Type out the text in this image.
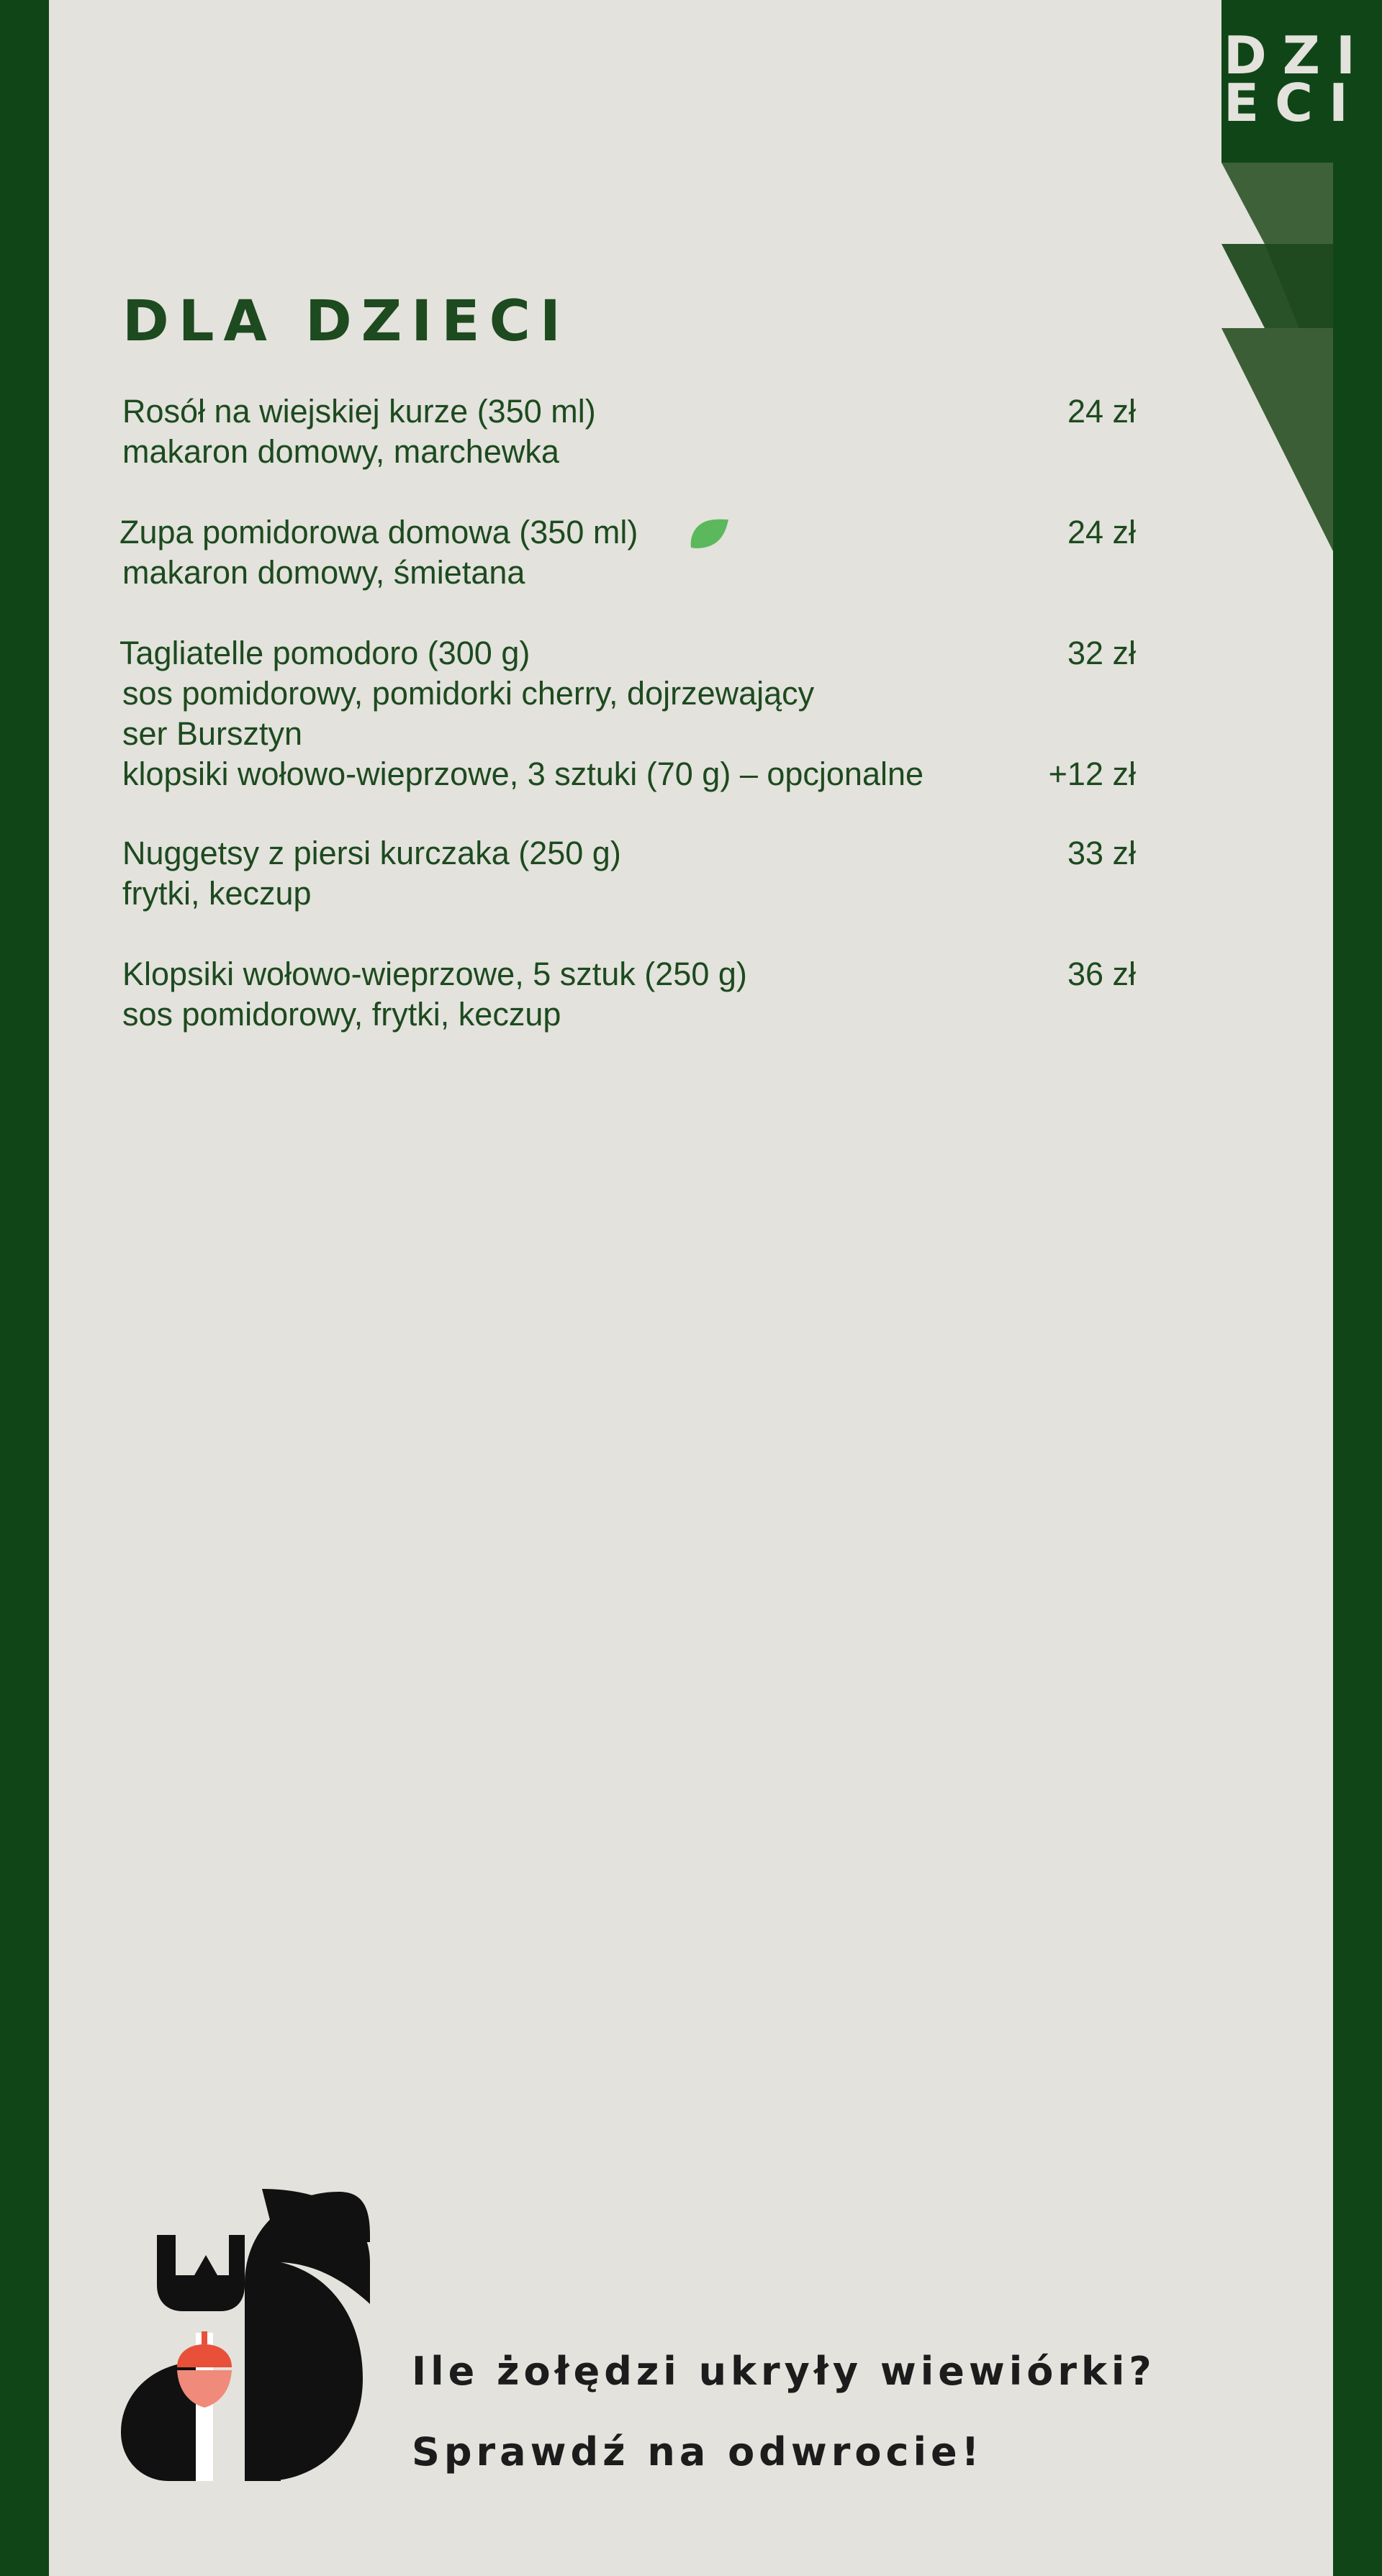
DZI
ECI
DLA DZIECI
Rosół na wiejskiej kurze (350 ml)	24 zł
makaron domowy, marchewka
Zupa pomidorowa domowa (350 ml)	24 zł
makaron domowy, śmietana
Tagliatelle pomodoro (300 g)	32 zł
sos pomidorowy, pomidorki cherry, dojrzewający
ser Bursztyn
klopsiki wołowo-wieprzowe, 3 sztuki (70 g) – opcjonalne	+12 zł
Nuggetsy z piersi kurczaka (250 g)	33 zł
frytki, keczup
Klopsiki wołowo-wieprzowe, 5 sztuk (250 g)	36 zł
sos pomidorowy, frytki, keczup
Ile żołędzi ukryły wiewiórki?
Sprawdź na odwrocie!
